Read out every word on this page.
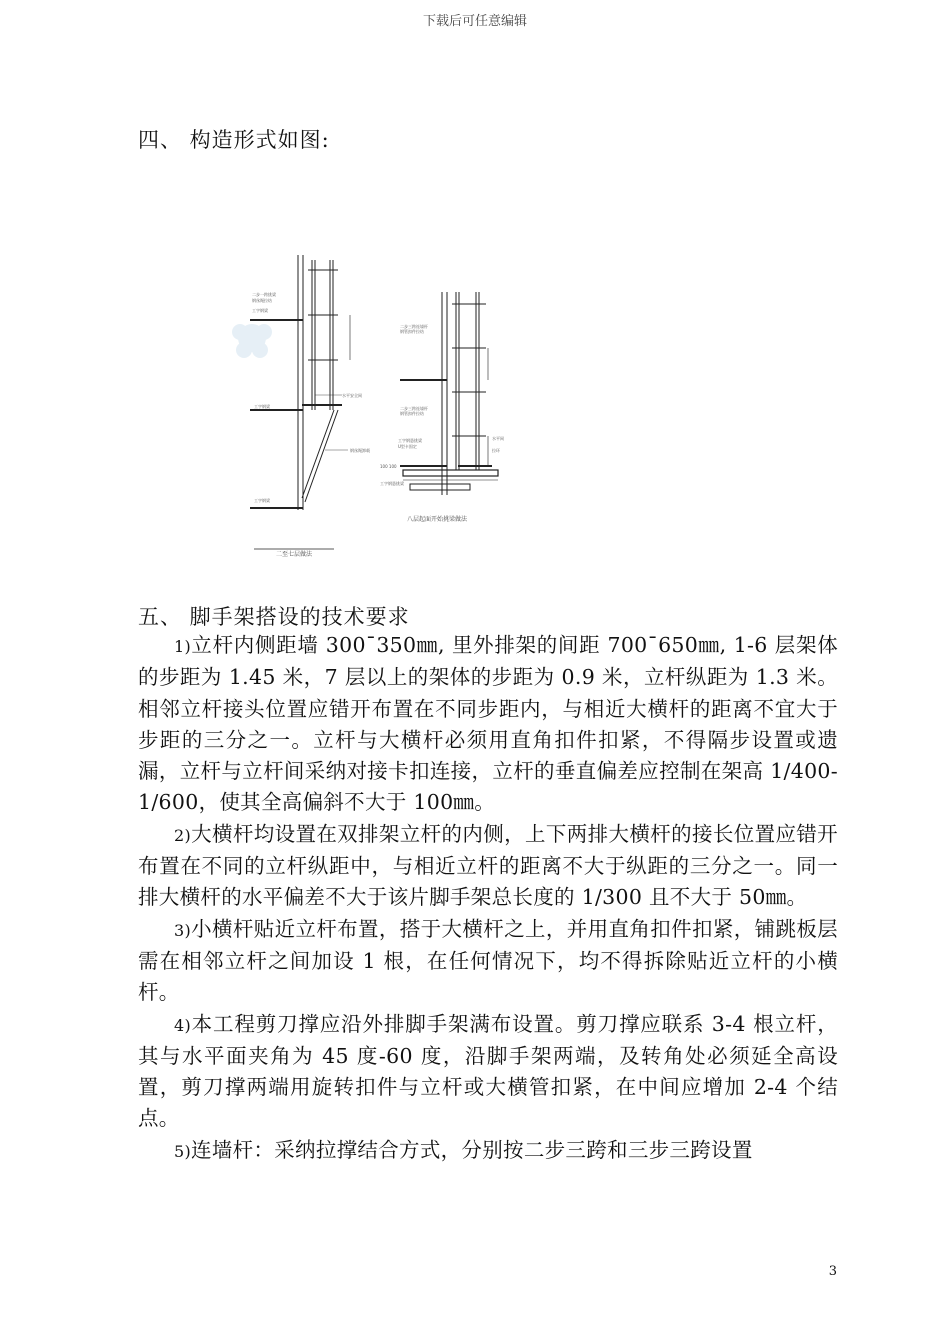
下载后可任意编辑
四、 构造形式如图:
二步一跨挑梁
钢丝绳拉结
工字钢梁
工字钢梁
工字钢梁
水平安全网
钢丝绳卸载
二至七层做法
二步三跨连墙杆
钢管扣件拉结
二步三跨连墙杆
钢管扣件拉结
工字钢悬挑梁
U型卡固定
100 100
工字钢悬挑梁
水平网
拉环
八层起面开始挑梁做法
五、 脚手架搭设的技术要求

1)立杆内侧距墙 300¯350㎜, 里外排架的间距 700¯650㎜, 1-6 层架体的步距为 1.45 米，7 层以上的架体的步距为 0.9 米，立杆纵距为 1.3 米。相邻立杆接头位置应错开布置在不同步距内，与相近大横杆的距离不宜大于步距的三分之一。立杆与大横杆必须用直角扣件扣紧，不得隔步设置或遗漏，立杆与立杆间采纳对接卡扣连接，立杆的垂直偏差应控制在架高 1/400-1/600，使其全高偏斜不大于 100㎜。

2)大横杆均设置在双排架立杆的内侧，上下两排大横杆的接长位置应错开布置在不同的立杆纵距中，与相近立杆的距离不大于纵距的三分之一。同一排大横杆的水平偏差不大于该片脚手架总长度的 1/300 且不大于 50㎜。

3)小横杆贴近立杆布置，搭于大横杆之上，并用直角扣件扣紧，铺跳板层需在相邻立杆之间加设 1 根，在任何情况下，均不得拆除贴近立杆的小横杆。

4)本工程剪刀撑应沿外排脚手架满布设置。剪刀撑应联系 3-4 根立杆，其与水平面夹角为 45 度-60 度，沿脚手架两端，及转角处必须延全高设置，剪刀撑两端用旋转扣件与立杆或大横管扣紧，在中间应增加 2-4 个结点。

5)连墙杆：采纳拉撑结合方式，分别按二步三跨和三步三跨设置

3
